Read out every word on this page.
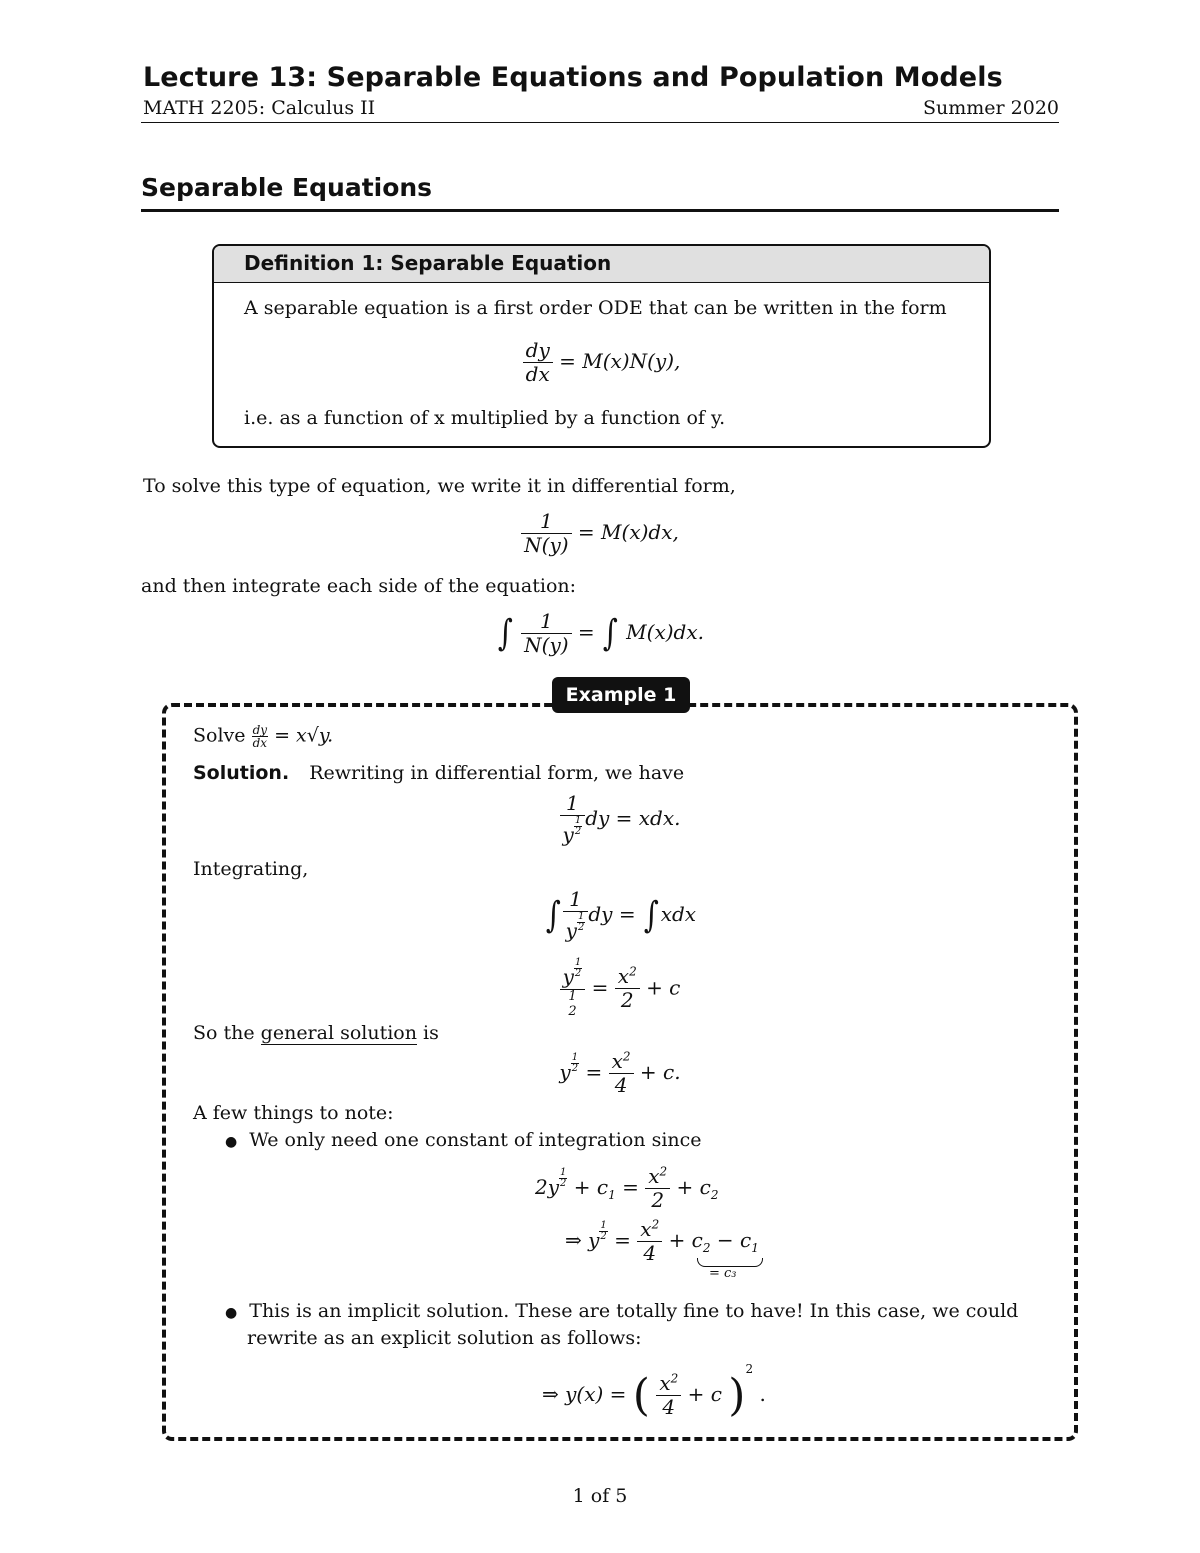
Lecture 13: Separable Equations and Population Models
MATH 2205: Calculus II	Summer 2020
Separable Equations
Definition 1: Separable Equation
A separable equation is a first order ODE that can be written in the form
$\frac{dy}{dx} = M(x)N(y)$,
i.e. as a function of x multiplied by a function of y.
To solve this type of equation, we write it in differential form,
$\frac{1}{N(y)} = M(x)dx$,
and then integrate each side of the equation:
∫ $\frac{1}{N(y)}$ = ∫ M(x)dx.
Example 1
Solve $\frac{dy}{dx} = x√y$.
Solution. Rewriting in differential form, we have
$\frac{1}{y \frac{1}{2}}$ dy = xdx.
Integrating,
∫ $\frac{1}{y \frac{1}{2}}$ dy = ∫xdx
y $\frac{1}{2}$
1
2
= $\frac{x^2}{2} + c$
So the general solution is
y $\frac{1}{2} = \frac{x^2}{4} + c$.
A few things to note:
● We only need one constant of integration since
$2y \frac{1}{2} + c_1 = \frac{x^2}{2} + c_2$
⇒ y $\frac{1}{2} = \frac{x^2}{4} + c_2 - c_1$
= c₃
● This is an implicit solution. These are totally fine to have! In this case, we could
rewrite as an explicit solution as follows:
⇒ y(x) = ( $\frac{x^2}{4} + c$ )$^2$ .
1 of 5
